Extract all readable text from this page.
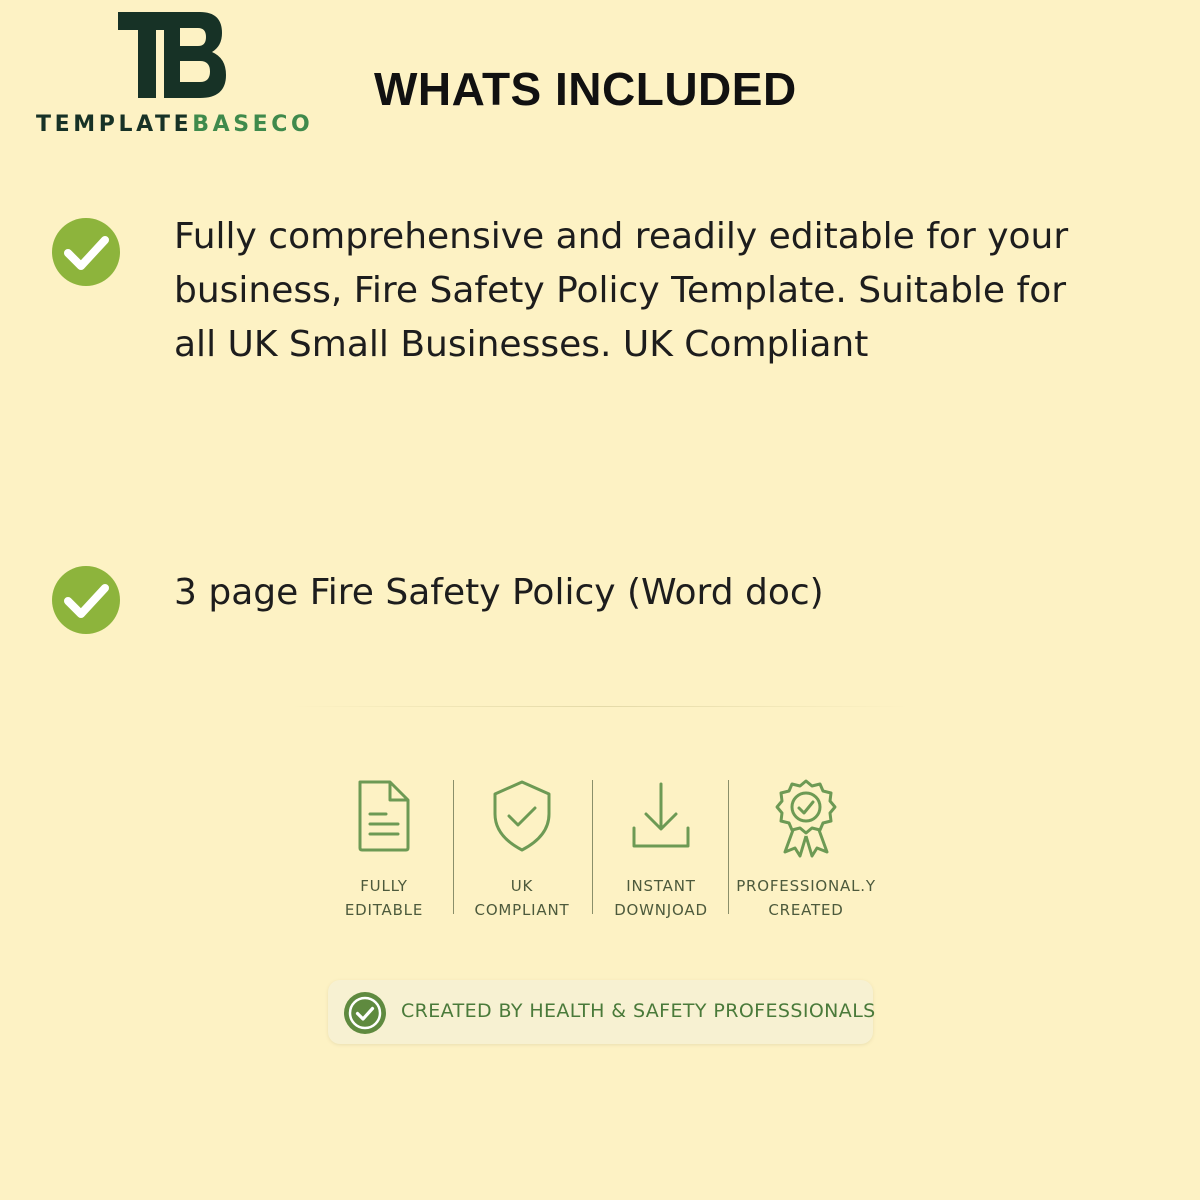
TEMPLATEBASECO
WHATS INCLUDED
Fully comprehensive and readily editable for your business, Fire Safety Policy Template. Suitable for all UK Small Businesses. UK Compliant
3 page Fire Safety Policy (Word doc)
FULLY
EDITABLE
UK
COMPLIANT
INSTANT
DOWNJOAD
PROFESSIONAL.Y
CREATED
CREATED BY HEALTH & SAFETY PROFESSIONALS
